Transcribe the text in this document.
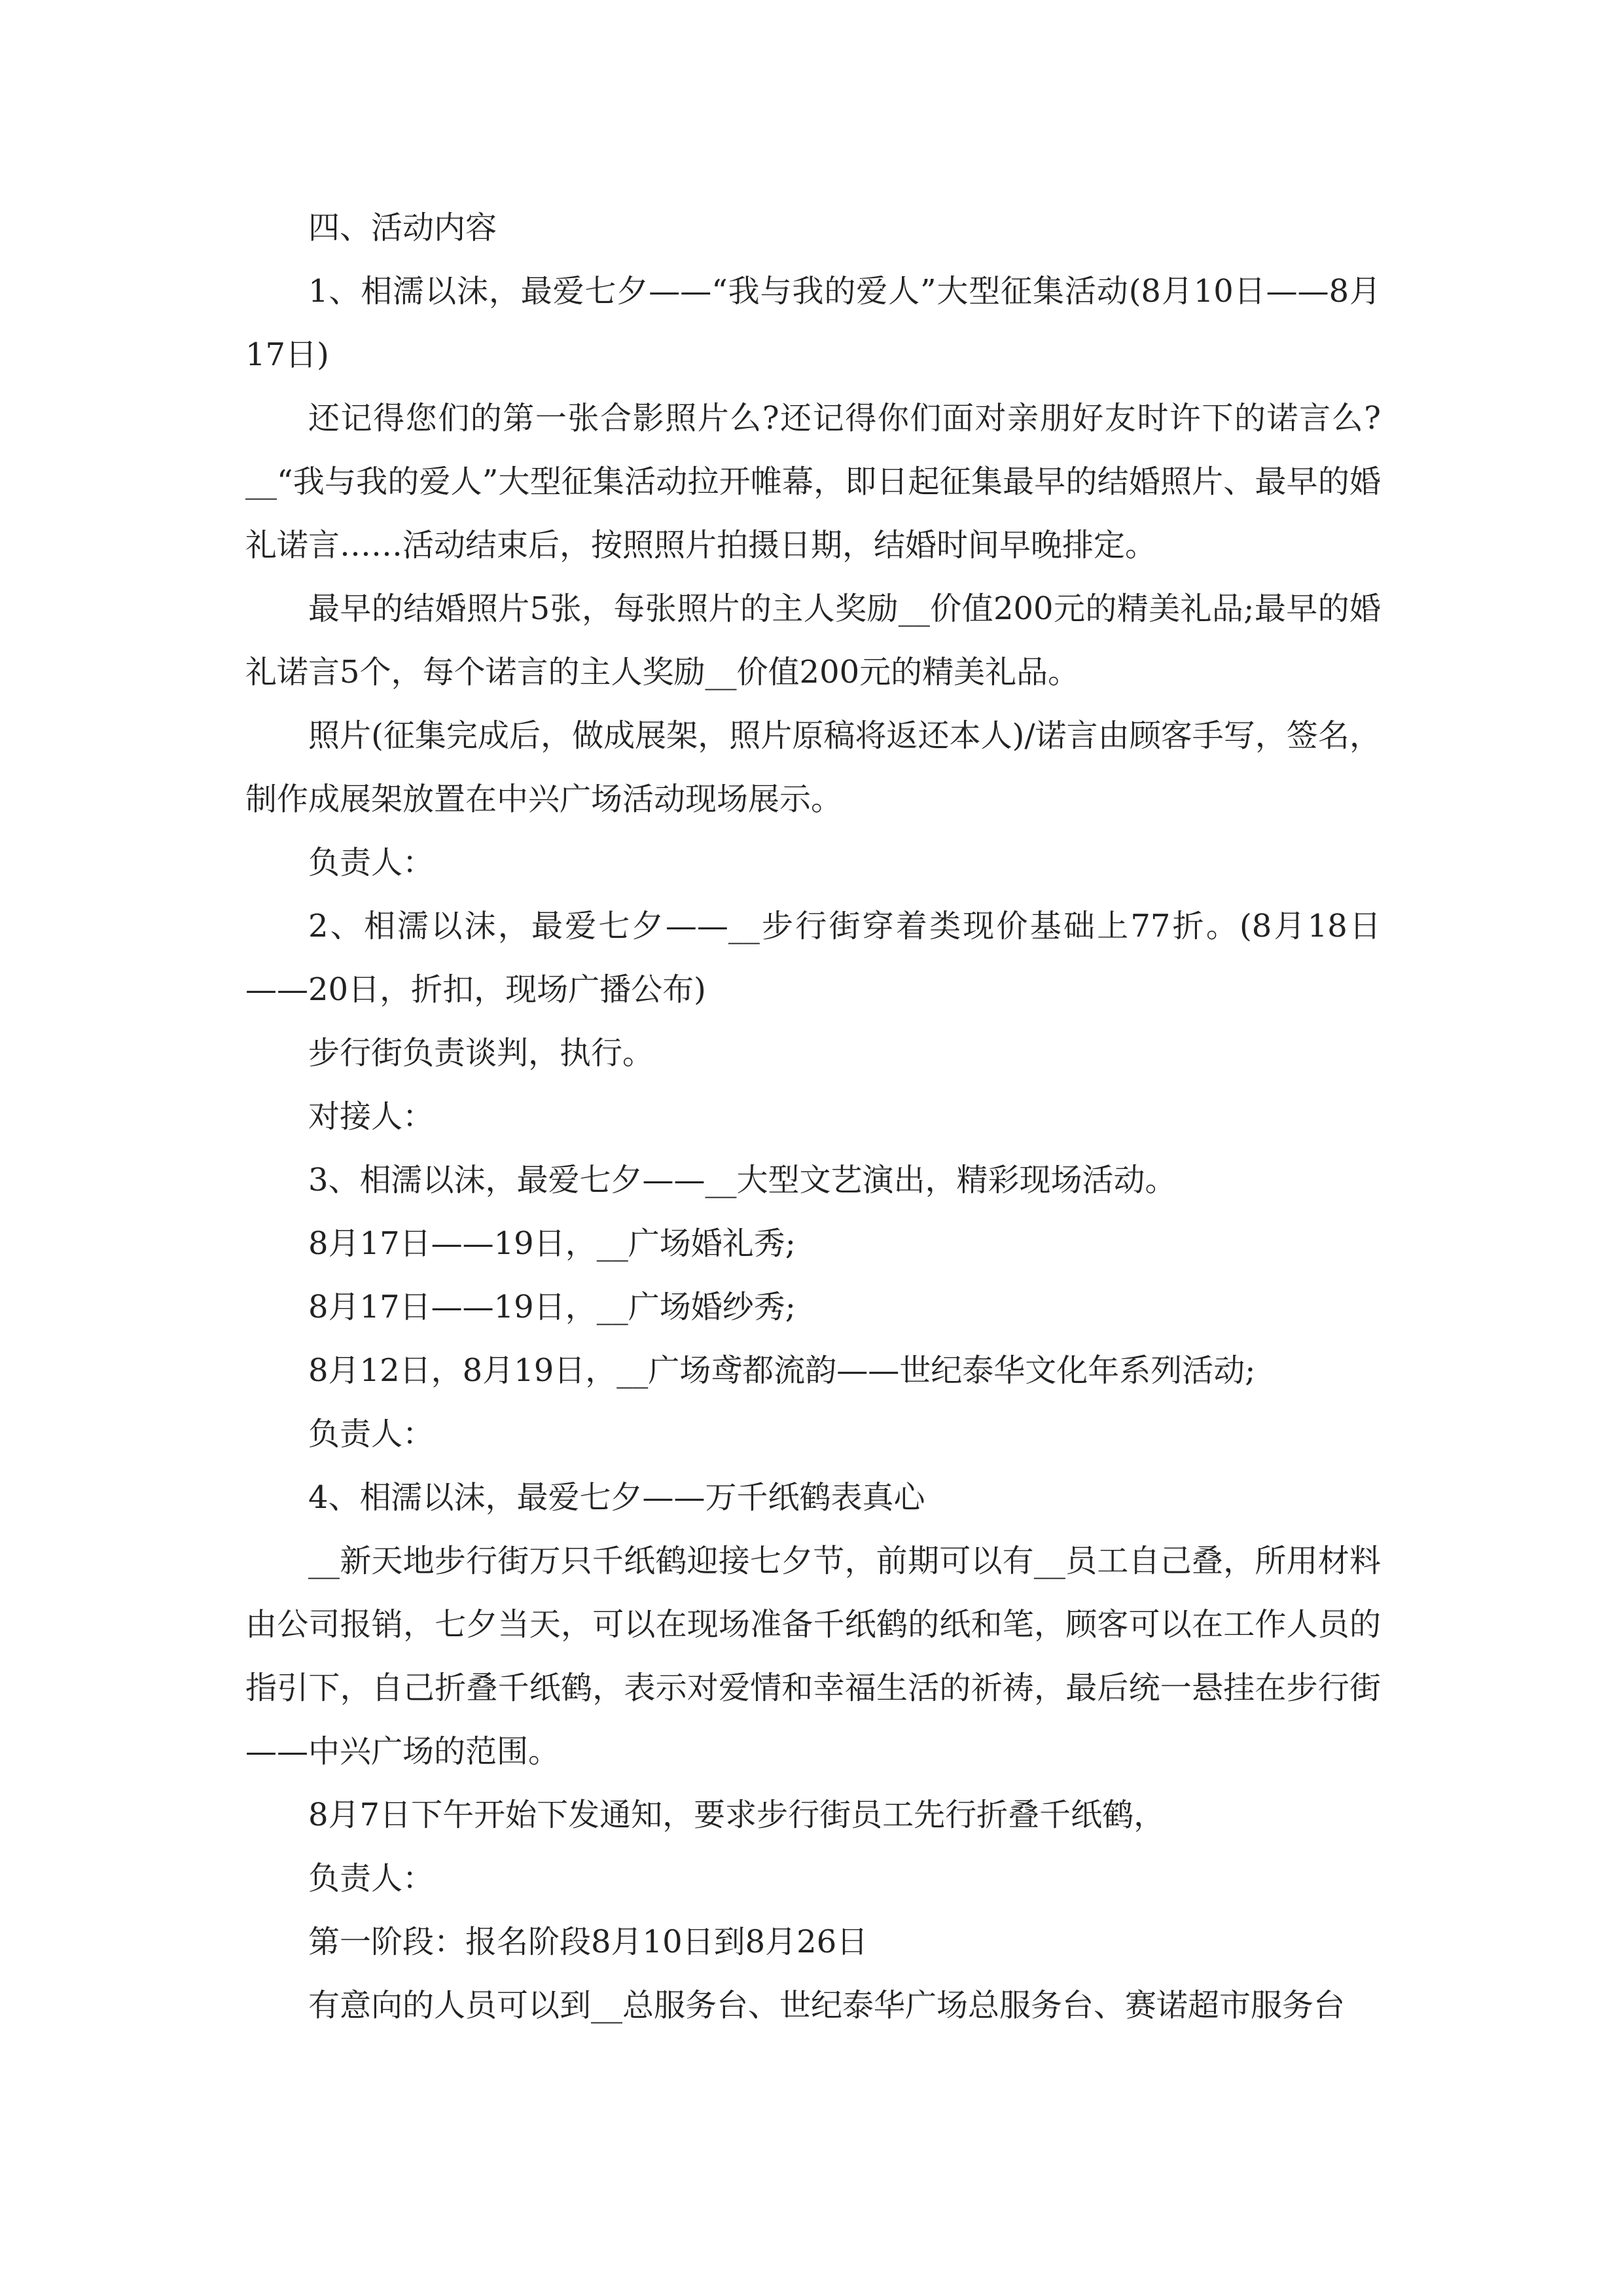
四、活动内容

1、相濡以沫，最爱七夕——“我与我的爱人”大型征集活动(8月10日——8月17日)

还记得您们的第一张合影照片么?还记得你们面对亲朋好友时许下的诺言么?__“我与我的爱人”大型征集活动拉开帷幕，即日起征集最早的结婚照片、最早的婚礼诺言……活动结束后，按照照片拍摄日期，结婚时间早晚排定。

最早的结婚照片5张，每张照片的主人奖励__价值200元的精美礼品;最早的婚礼诺言5个，每个诺言的主人奖励__价值200元的精美礼品。

照片(征集完成后，做成展架，照片原稿将返还本人)/诺言由顾客手写，签名，制作成展架放置在中兴广场活动现场展示。

负责人：

2、相濡以沫，最爱七夕——__步行街穿着类现价基础上77折。(8月18日——20日，折扣，现场广播公布)

步行街负责谈判，执行。

对接人：

3、相濡以沫，最爱七夕——__大型文艺演出，精彩现场活动。

8月17日——19日，__广场婚礼秀;

8月17日——19日，__广场婚纱秀;

8月12日，8月19日，__广场鸢都流韵——世纪泰华文化年系列活动;

负责人：

4、相濡以沫，最爱七夕——万千纸鹤表真心

__新天地步行街万只千纸鹤迎接七夕节，前期可以有__员工自己叠，所用材料由公司报销，七夕当天，可以在现场准备千纸鹤的纸和笔，顾客可以在工作人员的指引下，自己折叠千纸鹤，表示对爱情和幸福生活的祈祷，最后统一悬挂在步行街——中兴广场的范围。

8月7日下午开始下发通知，要求步行街员工先行折叠千纸鹤，

负责人：

第一阶段：报名阶段8月10日到8月26日

有意向的人员可以到__总服务台、世纪泰华广场总服务台、赛诺超市服务台
